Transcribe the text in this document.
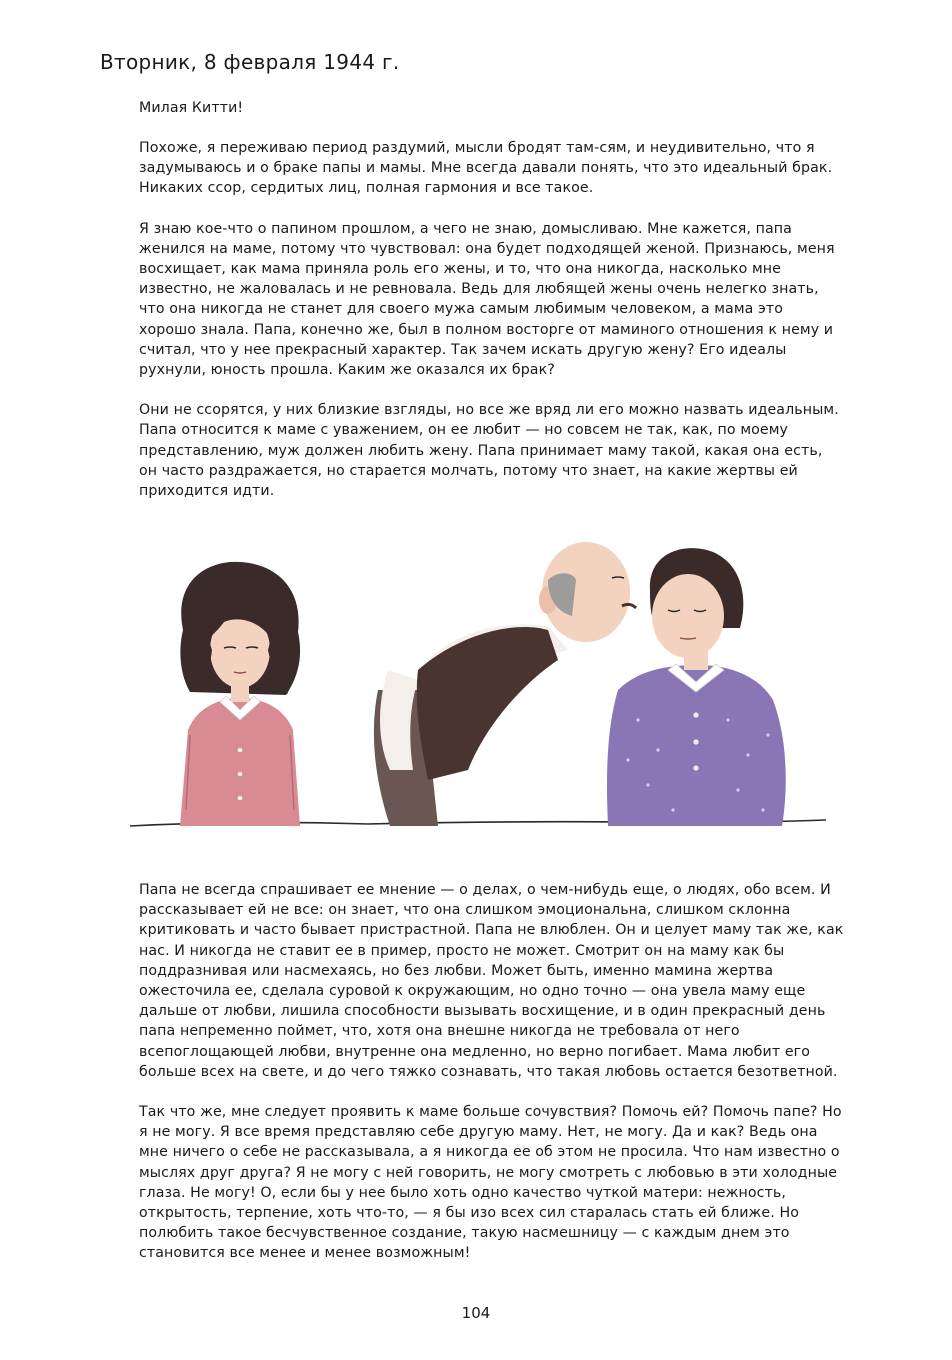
Вторник, 8 февраля 1944 г.
Милая Китти!

Похоже, я переживаю период раздумий, мысли бродят там-сям, и неудивительно, что я задумываюсь и о браке папы и мамы. Мне всегда давали понять, что это идеальный брак. Никаких ссор, сердитых лиц, полная гармония и все такое.

Я знаю кое-что о папином прошлом, а чего не знаю, домысливаю. Мне кажется, папа женился на маме, потому что чувствовал: она будет подходящей женой. Признаюсь, меня восхищает, как мама приняла роль его жены, и то, что она никогда, насколько мне известно, не жаловалась и не ревновала. Ведь для любящей жены очень нелегко знать, что она никогда не станет для своего мужа самым любимым человеком, а мама это хорошо знала. Папа, конечно же, был в полном восторге от маминого отношения к нему и считал, что у нее прекрасный характер. Так зачем искать другую жену? Его идеалы рухнули, юность прошла. Каким же оказался их брак?

Они не ссорятся, у них близкие взгляды, но все же вряд ли его можно назвать идеальным. Папа относится к маме с уважением, он ее любит — но совсем не так, как, по моему представлению, муж должен любить жену. Папа принимает маму такой, какая она есть, он часто раздражается, но старается молчать, потому что знает, на какие жертвы ей приходится идти.

Папа не всегда спрашивает ее мнение — о делах, о чем-нибудь еще, о людях, обо всем. И рассказывает ей не все: он знает, что она слишком эмоциональна, слишком склонна критиковать и часто бывает пристрастной. Папа не влюблен. Он и целует маму так же, как нас. И никогда не ставит ее в пример, просто не может. Смотрит он на маму как бы поддразнивая или насмехаясь, но без любви. Может быть, именно мамина жертва ожесточила ее, сделала суровой к окружающим, но одно точно — она увела маму еще дальше от любви, лишила способности вызывать восхищение, и в один прекрасный день папа непременно поймет, что, хотя она внешне никогда не требовала от него всепоглощающей любви, внутренне она медленно, но верно погибает. Мама любит его больше всех на свете, и до чего тяжко сознавать, что такая любовь остается безответной.

Так что же, мне следует проявить к маме больше сочувствия? Помочь ей? Помочь папе? Но я не могу. Я все время представляю себе другую маму. Нет, не могу. Да и как? Ведь она мне ничего о себе не рассказывала, а я никогда ее об этом не просила. Что нам известно о мыслях друг друга? Я не могу с ней говорить, не могу смотреть с любовью в эти холодные глаза. Не могу! О, если бы у нее было хоть одно качество чуткой матери: нежность, открытость, терпение, хоть что-то, — я бы изо всех сил старалась стать ей ближе. Но полюбить такое бесчувственное создание, такую насмешницу — с каждым днем это становится все менее и менее возможным!

104
